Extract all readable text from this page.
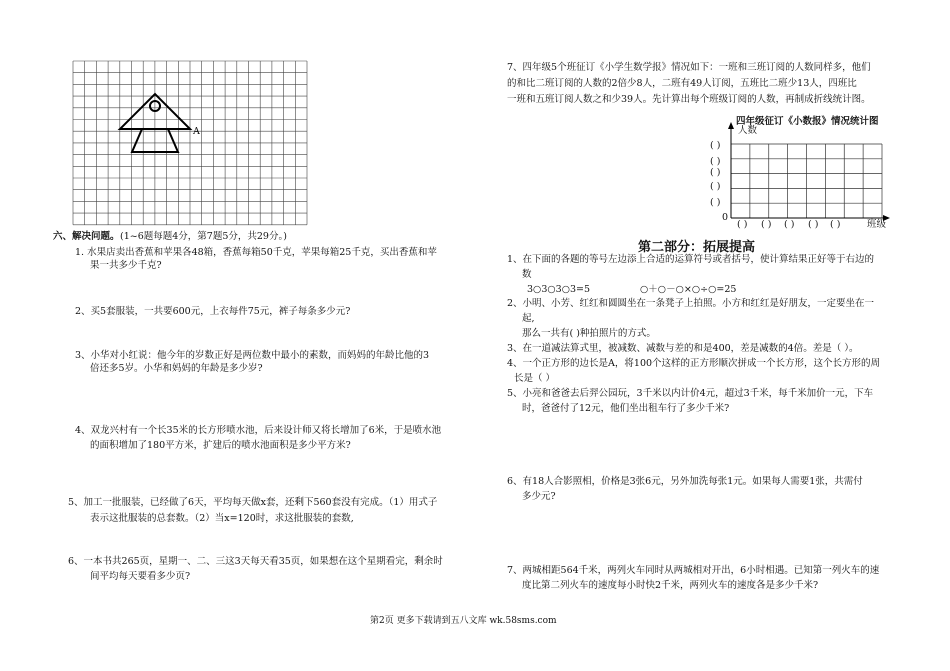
A
六、解决问题。 (1~6题每题4分，第7题5分，共29分。)
1. 水果店卖出香蕉和苹果各48箱，香蕉每箱50千克，苹果每箱25千克，买出香蕉和苹
果一共多少千克?
2、买5套服装，一共要600元，上衣每件75元，裤子每条多少元?
3、小华对小红说：他今年的岁数正好是两位数中最小的素数，而妈妈的年龄比他的3
倍还多5岁。小华和妈妈的年龄是多少岁?
4、双龙兴村有一个长35米的长方形喷水池，后来设计师又将长增加了6米，于是喷水池
的面积增加了180平方米，扩建后的喷水池面积是多少平方米?
5、加工一批服装，已经做了6天，平均每天做x套，还剩下560套没有完成。（1）用式子
表示这批服装的总套数。（2）当x=120时，求这批服装的套数,
6、一本书共265页，星期一、二、三这3天每天看35页，如果想在这个星期看完，剩余时
间平均每天要看多少页?
7、四年级5个班征订《小学生数学报》情况如下：一班和三班订阅的人数同样多，他们
的和比二班订阅的人数的2倍少8人，二班有49人订阅，五班比二班少13人，四班比
一班和五班订阅人数之和少39人。先计算出每个班级订阅的人数，再制成折线统计图。
四年级征订《小数报》情况统计图
人数
( )
( )
( )
( )
( )
0
( ) ( ) ( ) ( ) ( )	班级
第二部分：拓展提高
1、在下面的各题的等号左边添上合适的运算符号或者括号，使计算结果正好等于右边的
数
3○3○3○3=5	○＋○－○×○÷○=25
2、小明、小芳、红红和圆圆坐在一条凳子上拍照。小方和红红是好朋友，一定要坐在一
起,
那么一共有( )种拍照片的方式。
3、在一道减法算式里，被减数、减数与差的和是400，差是减数的4倍。差是（ ）。
4、一个正方形的边长是A，将100个这样的正方形顺次拼成一个长方形，这个长方形的周
长是（ ）
5、小亮和爸爸去后羿公园玩，3千米以内计价4元，超过3千米，每千米加价一元，下车
时，爸爸付了12元，他们坐出租车行了多少千米?
6、有18人合影照相，价格是3张6元，另外加洗每张1元。如果每人需要1张，共需付
多少元?
7、两城相距564千米，两列火车同时从两城相对开出，6小时相遇。已知第一列火车的速
度比第二列火车的速度每小时快2千米，两列火车的速度各是多少千米?
第2页 更多下载请到五八文库 wk.58sms.com
